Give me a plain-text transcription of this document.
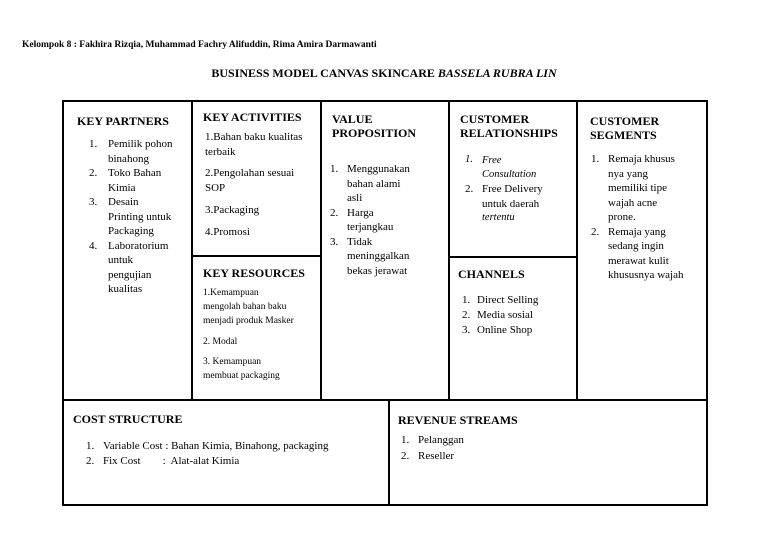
Kelompok 8 : Fakhira Rizqia, Muhammad Fachry Alifuddin, Rima Amira Darmawanti
BUSINESS MODEL CANVAS SKINCARE BASSELA RUBRA LIN
KEY PARTNERS
1. Pemilik pohon
binahong
2. Toko Bahan
Kimia
3. Desain
Printing untuk
Packaging
4. Laboratorium
untuk
pengujian
kualitas
KEY ACTIVITIES
1.Bahan baku kualitas
terbaik
2.Pengolahan sesuai
SOP
3.Packaging
4.Promosi
KEY RESOURCES
1.Kemampuan
mengolah bahan baku
menjadi produk Masker
2. Modal
3. Kemampuan
membuat packaging
VALUE
PROPOSITION
1. Menggunakan
bahan alami
asli
2. Harga
terjangkau
3. Tidak
meninggalkan
bekas jerawat
CUSTOMER
RELATIONSHIPS
1. Free
Consultation
2. Free Delivery
untuk daerah
tertentu
CHANNELS
1. Direct Selling
2. Media sosial
3. Online Shop
CUSTOMER
SEGMENTS
1. Remaja khusus
nya yang
memiliki tipe
wajah acne
prone.
2. Remaja yang
sedang ingin
merawat kulit
khususnya wajah
COST STRUCTURE
1. Variable Cost : Bahan Kimia, Binahong, packaging
2. Fix Cost        :  Alat-alat Kimia
REVENUE STREAMS
1. Pelanggan
2. Reseller
